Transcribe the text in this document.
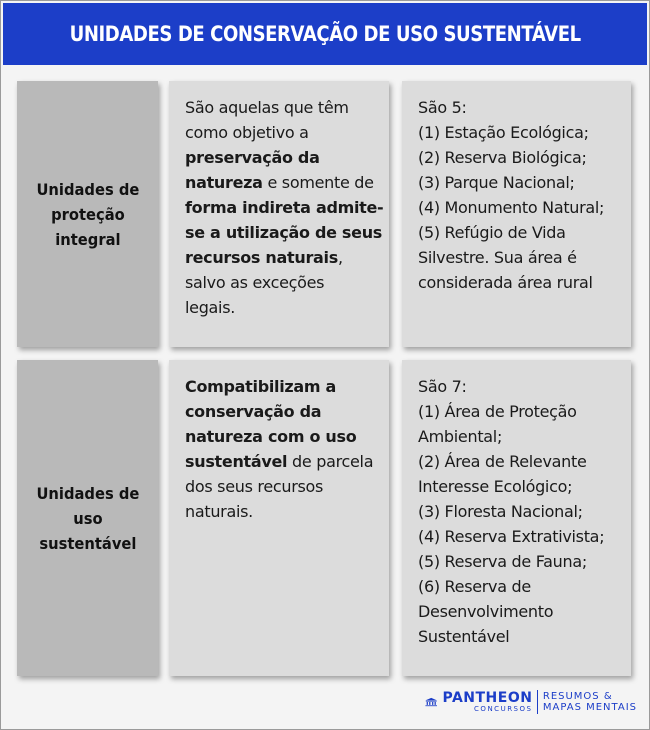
UNIDADES DE CONSERVAÇÃO DE USO SUSTENTÁVEL
Unidades de
proteção
integral
São aquelas que têm
como objetivo a
preservação da
natureza e somente de
forma indireta admite-
se a utilização de seus
recursos naturais,
salvo as exceções
legais.
São 5:
(1) Estação Ecológica;
(2) Reserva Biológica;
(3) Parque Nacional;
(4) Monumento Natural;
(5) Refúgio de Vida
Silvestre. Sua área é
considerada área rural
Unidades de
uso
sustentável
Compatibilizam a
conservação da
natureza com o uso
sustentável de parcela
dos seus recursos
naturais.
São 7:
(1) Área de Proteção
Ambiental;
(2) Área de Relevante
Interesse Ecológico;
(3) Floresta Nacional;
(4) Reserva Extrativista;
(5) Reserva de Fauna;
(6) Reserva de
Desenvolvimento
Sustentável
PANTHEON
CONCURSOS
RESUMOS &
MAPAS MENTAIS
